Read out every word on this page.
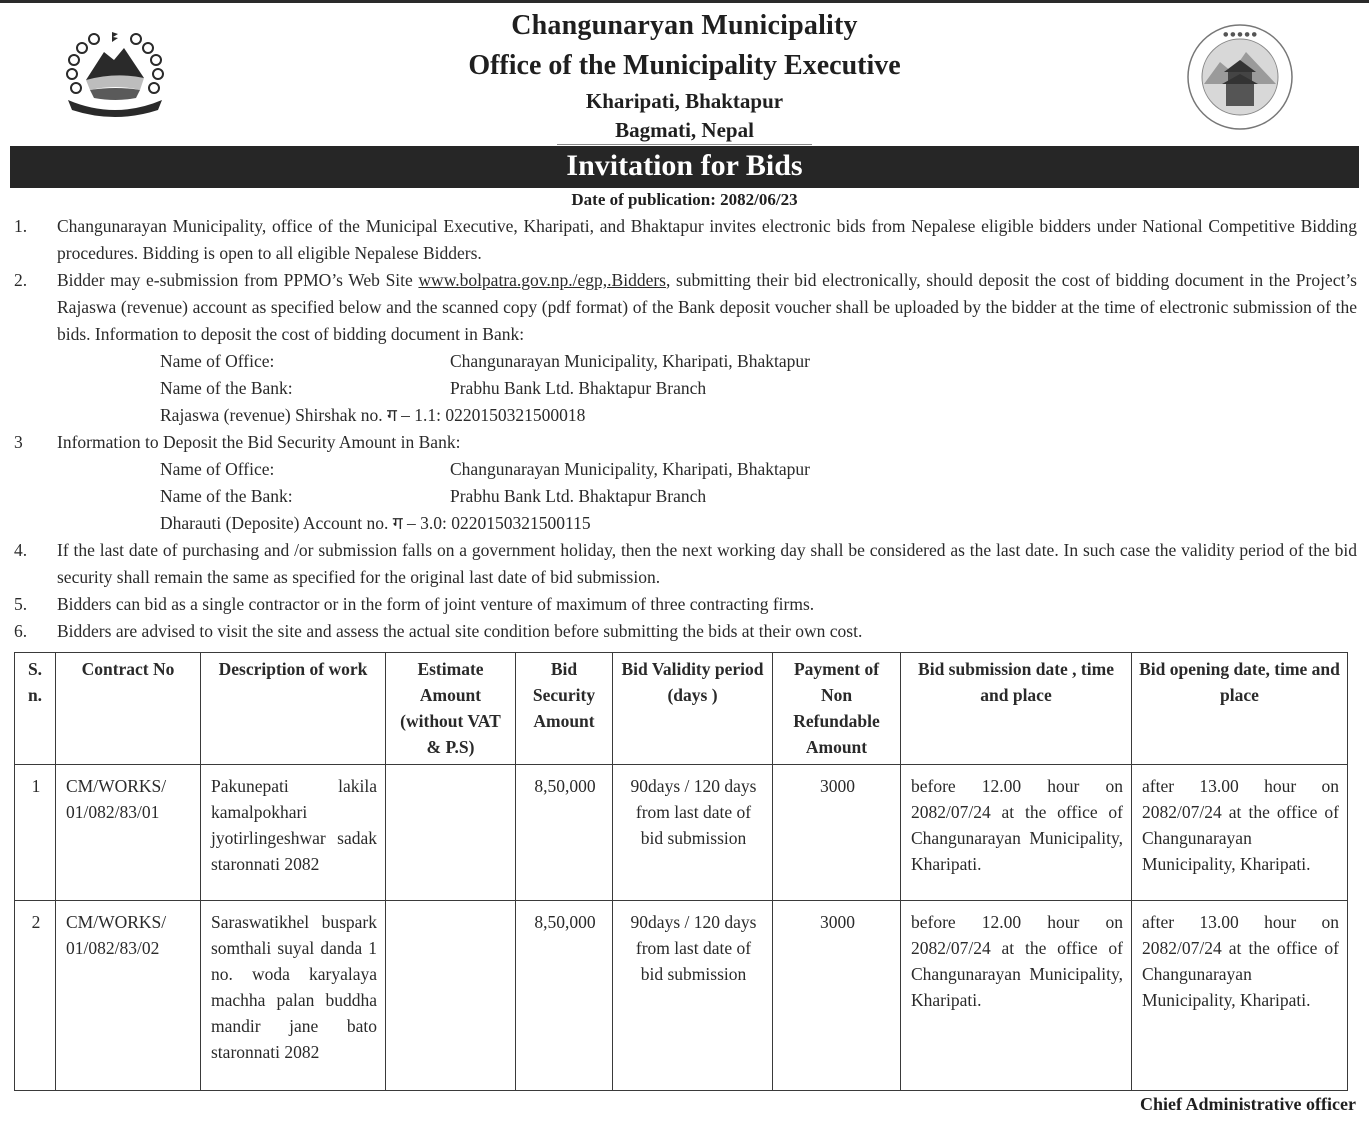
● ● ● ● ●
Changunaryan Municipality
Office of the Municipality Executive
Kharipati, Bhaktapur
Bagmati, Nepal
Invitation for Bids
Date of publication: 2082/06/23
1. Changunarayan Municipality, office of the Municipal Executive, Kharipati, and Bhaktapur invites electronic bids from Nepalese eligible bidders under National Competitive Bidding procedures. Bidding is open to all eligible Nepalese Bidders.
2. Bidder may e-submission from PPMO’s Web Site www.bolpatra.gov.np./egp,.Bidders, submitting their bid electronically, should deposit the cost of bidding document in the Project’s Rajaswa (revenue) account as specified below and the scanned copy (pdf format) of the Bank deposit voucher shall be uploaded by the bidder at the time of electronic submission of the bids. Information to deposit the cost of bidding document in Bank:
Name of Office:	Changunarayan Municipality, Kharipati, Bhaktapur
Name of the Bank:	Prabhu Bank Ltd. Bhaktapur Branch
Rajaswa (revenue) Shirshak no. ग – 1.1: 0220150321500018
3 Information to Deposit the Bid Security Amount in Bank:
Name of Office:	Changunarayan Municipality, Kharipati, Bhaktapur
Name of the Bank:	Prabhu Bank Ltd. Bhaktapur Branch
Dharauti (Deposite) Account no. ग – 3.0: 0220150321500115
4. If the last date of purchasing and /or submission falls on a government holiday, then the next working day shall be considered as the last date. In such case the validity period of the bid security shall remain the same as specified for the original last date of bid submission.
5. Bidders can bid as a single contractor or in the form of joint venture of maximum of three contracting firms.
6. Bidders are advised to visit the site and assess the actual site condition before submitting the bids at their own cost.
S. n.	Contract No	Description of work	Estimate Amount (without VAT & P.S)	Bid Security Amount	Bid Validity period (days )	Payment of Non Refundable Amount	Bid submission date , time and place	Bid opening date, time and place
1	CM/WORKS/ 01/082/83/01	Pakunepati lakila kamalpokhari jyotirlingeshwar sadak staronnati 2082		8,50,000	90days / 120 days from last date of bid submission	3000	before 12.00 hour on 2082/07/24 at the office of Changunarayan Municipality, Kharipati.	after 13.00 hour on 2082/07/24 at the office of Changunarayan Municipality, Kharipati.
2	CM/WORKS/ 01/082/83/02	Saraswatikhel buspark somthali suyal danda 1 no. woda karyalaya machha palan buddha mandir jane bato staronnati 2082		8,50,000	90days / 120 days from last date of bid submission	3000	before 12.00 hour on 2082/07/24 at the office of Changunarayan Municipality, Kharipati.	after 13.00 hour on 2082/07/24 at the office of Changunarayan Municipality, Kharipati.
Chief Administrative officer
